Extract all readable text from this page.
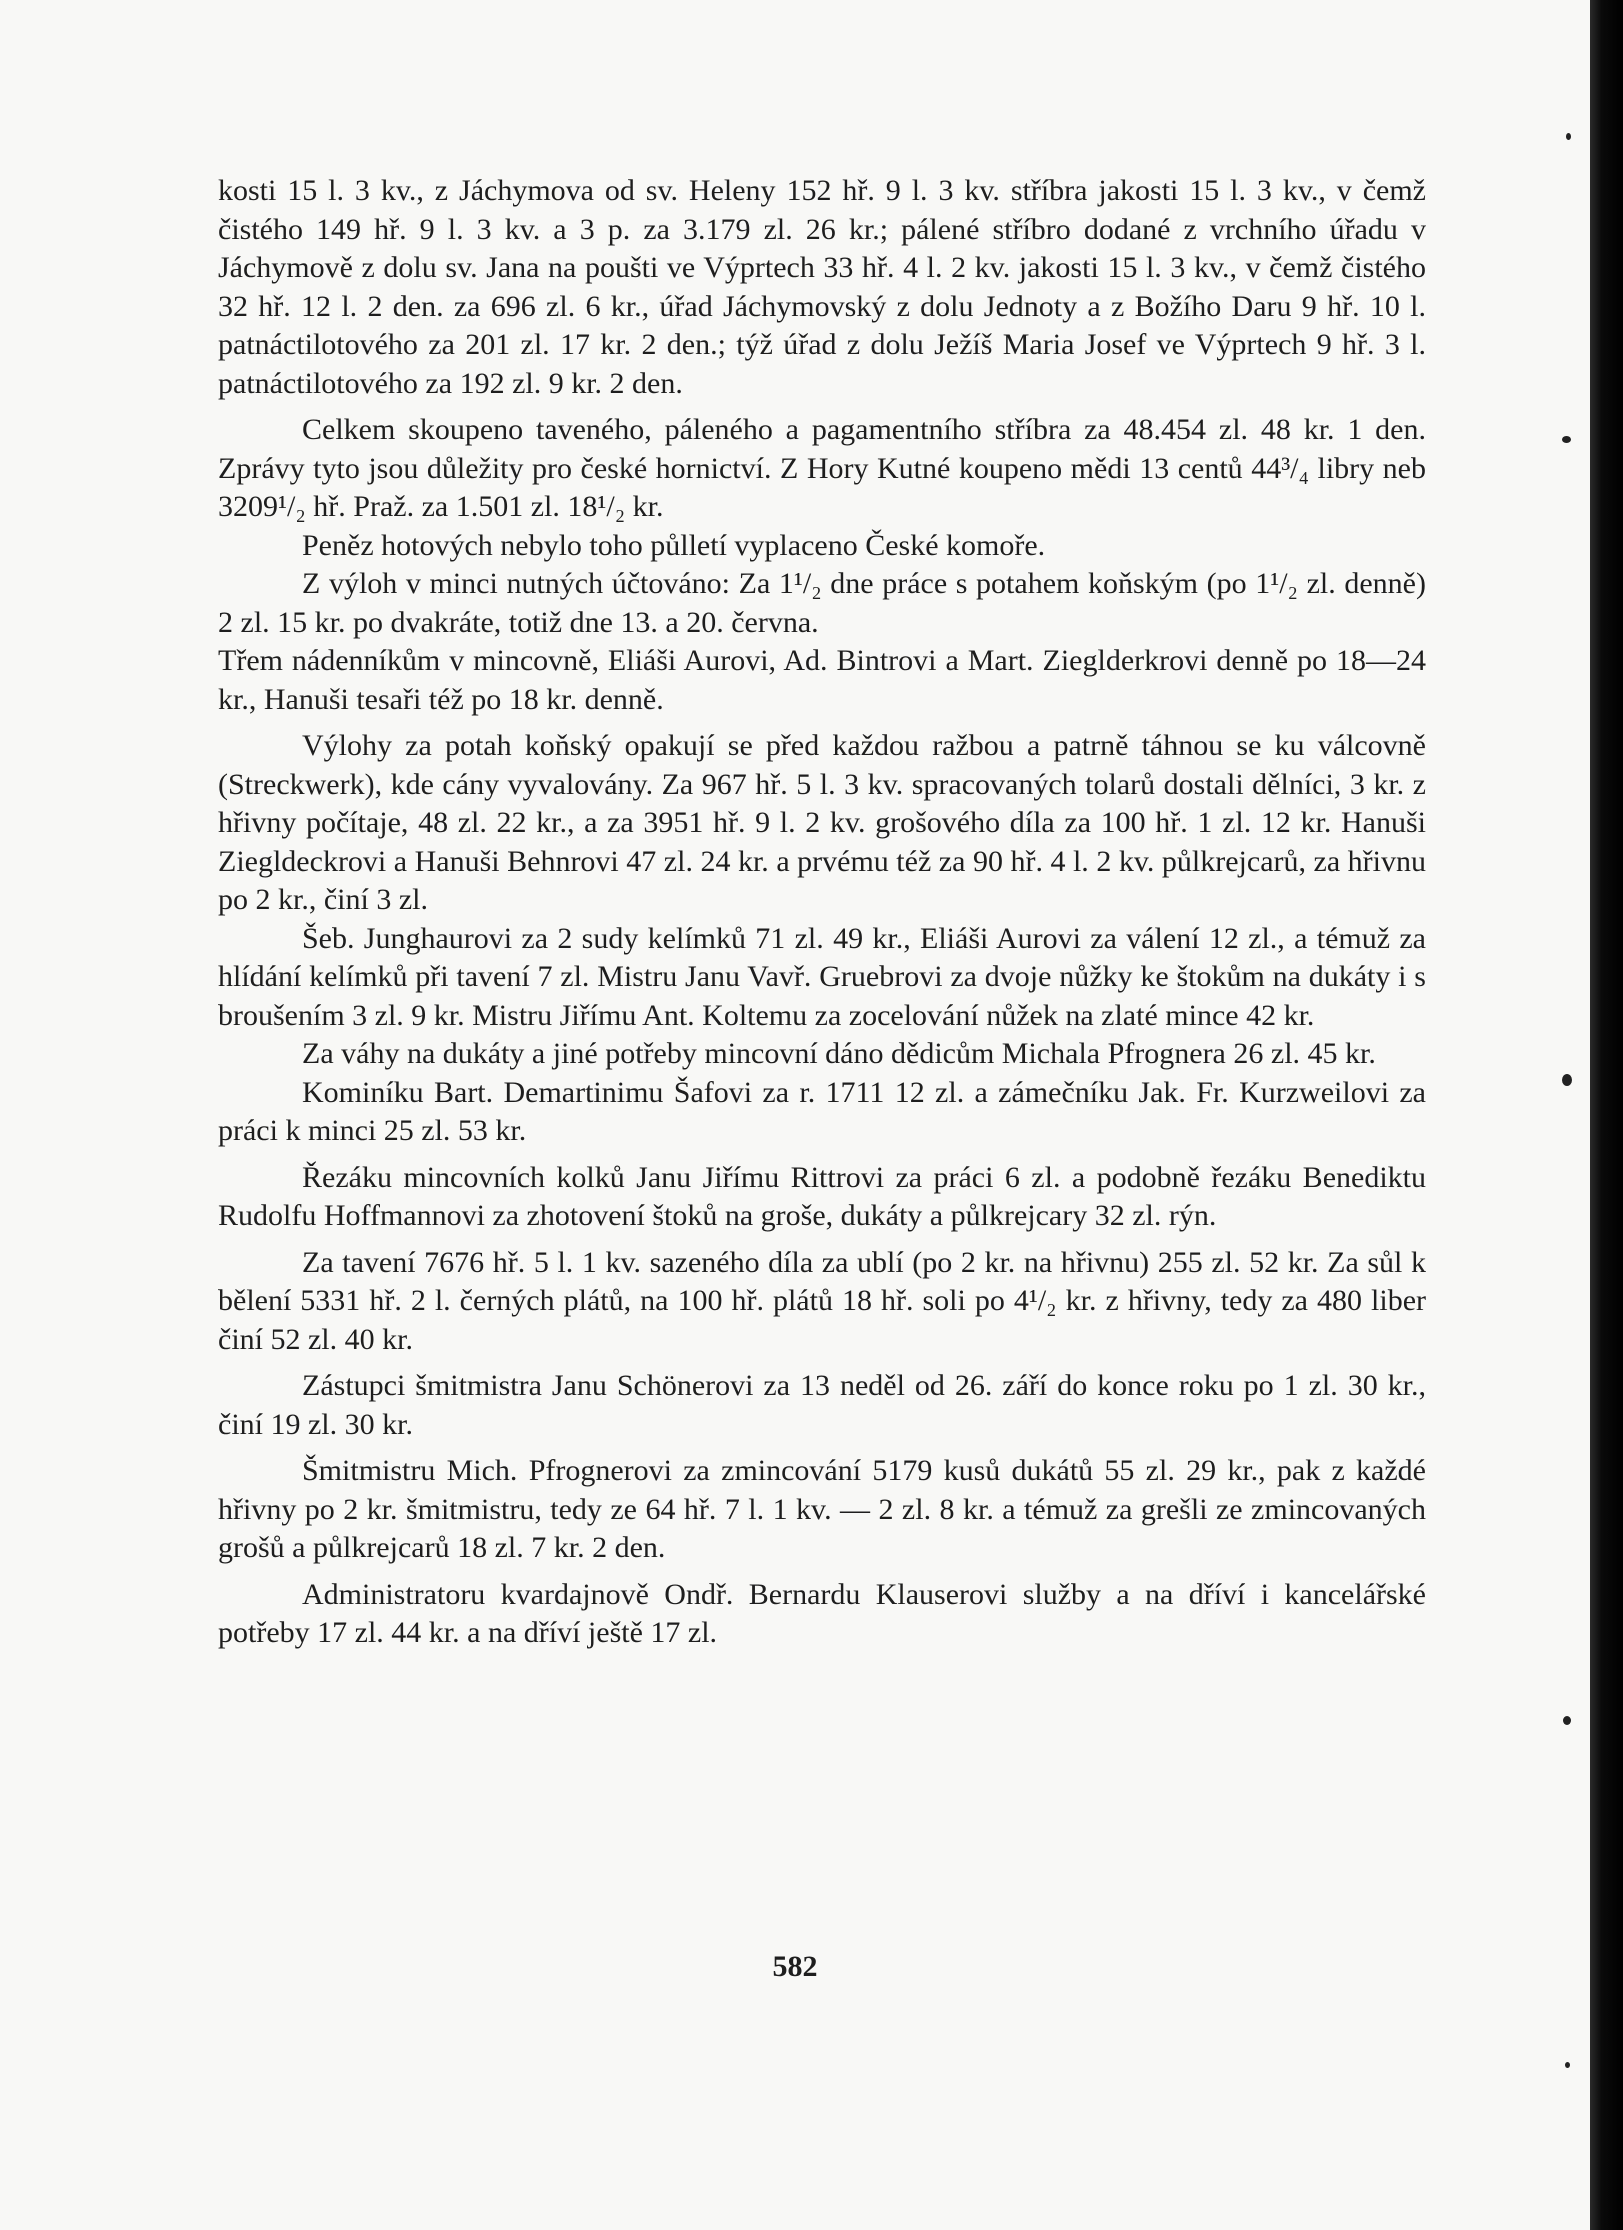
kosti 15 l. 3 kv., z Jáchymova od sv. Heleny 152 hř. 9 l. 3 kv. stříbra jakosti 15 l. 3 kv., v čemž čistého 149 hř. 9 l. 3 kv. a 3 p. za 3.179 zl. 26 kr.; pálené stříbro dodané z vrchního úřadu v Jáchymově z dolu sv. Jana na poušti ve Výprtech 33 hř. 4 l. 2 kv. jakosti 15 l. 3 kv., v čemž čistého 32 hř. 12 l. 2 den. za 696 zl. 6 kr., úřad Jáchymovský z dolu Jednoty a z Božího Daru 9 hř. 10 l. patnáctilotového za 201 zl. 17 kr. 2 den.; týž úřad z dolu Ježíš Maria Josef ve Výprtech 9 hř. 3 l. patnáctilotového za 192 zl. 9 kr. 2 den.

Celkem skoupeno taveného, páleného a pagamentního stříbra za 48.454 zl. 48 kr. 1 den. Zprávy tyto jsou důležity pro české hornictví. Z Hory Kutné koupeno mědi 13 centů 44³/₄ libry neb 3209¹/₂ hř. Praž. za 1.501 zl. 18¹/₂ kr.

Peněz hotových nebylo toho půlletí vyplaceno České komoře.

Z výloh v minci nutných účtováno: Za 1¹/₂ dne práce s potahem koňským (po 1¹/₂ zl. denně) 2 zl. 15 kr. po dvakráte, totiž dne 13. a 20. června.

Třem nádenníkům v mincovně, Eliáši Aurovi, Ad. Bintrovi a Mart. Zieglderkrovi denně po 18—24 kr., Hanuši tesaři též po 18 kr. denně.

Výlohy za potah koňský opakují se před každou ražbou a patrně táhnou se ku válcovně (Streckwerk), kde cány vyvalovány. Za 967 hř. 5 l. 3 kv. spracovaných tolarů dostali dělníci, 3 kr. z hřivny počítaje, 48 zl. 22 kr., a za 3951 hř. 9 l. 2 kv. grošového díla za 100 hř. 1 zl. 12 kr. Hanuši Ziegldeckrovi a Hanuši Behnrovi 47 zl. 24 kr. a prvému též za 90 hř. 4 l. 2 kv. půlkrejcarů, za hřivnu po 2 kr., činí 3 zl.

Šeb. Junghaurovi za 2 sudy kelímků 71 zl. 49 kr., Eliáši Aurovi za válení 12 zl., a témuž za hlídání kelímků při tavení 7 zl. Mistru Janu Vavř. Gruebrovi za dvoje nůžky ke štokům na dukáty i s broušením 3 zl. 9 kr. Mistru Jiřímu Ant. Koltemu za zocelování nůžek na zlaté mince 42 kr.

Za váhy na dukáty a jiné potřeby mincovní dáno dědicům Michala Pfrognera 26 zl. 45 kr.

Kominíku Bart. Demartinimu Šafovi za r. 1711 12 zl. a zámečníku Jak. Fr. Kurzweilovi za práci k minci 25 zl. 53 kr.

Řezáku mincovních kolků Janu Jiřímu Rittrovi za práci 6 zl. a podobně řezáku Benediktu Rudolfu Hoffmannovi za zhotovení štoků na groše, dukáty a půlkrejcary 32 zl. rýn.

Za tavení 7676 hř. 5 l. 1 kv. sazeného díla za ublí (po 2 kr. na hřivnu) 255 zl. 52 kr. Za sůl k bělení 5331 hř. 2 l. černých plátů, na 100 hř. plátů 18 hř. soli po 4¹/₂ kr. z hřivny, tedy za 480 liber činí 52 zl. 40 kr.

Zástupci šmitmistra Janu Schönerovi za 13 neděl od 26. září do konce roku po 1 zl. 30 kr., činí 19 zl. 30 kr.

Šmitmistru Mich. Pfrognerovi za zmincování 5179 kusů dukátů 55 zl. 29 kr., pak z každé hřivny po 2 kr. šmitmistru, tedy ze 64 hř. 7 l. 1 kv. — 2 zl. 8 kr. a témuž za grešli ze zmincovaných grošů a půlkrejcarů 18 zl. 7 kr. 2 den.

Administratoru kvardajnově Ondř. Bernardu Klauserovi služby a na dříví i kancelářské potřeby 17 zl. 44 kr. a na dříví ještě 17 zl.

582
